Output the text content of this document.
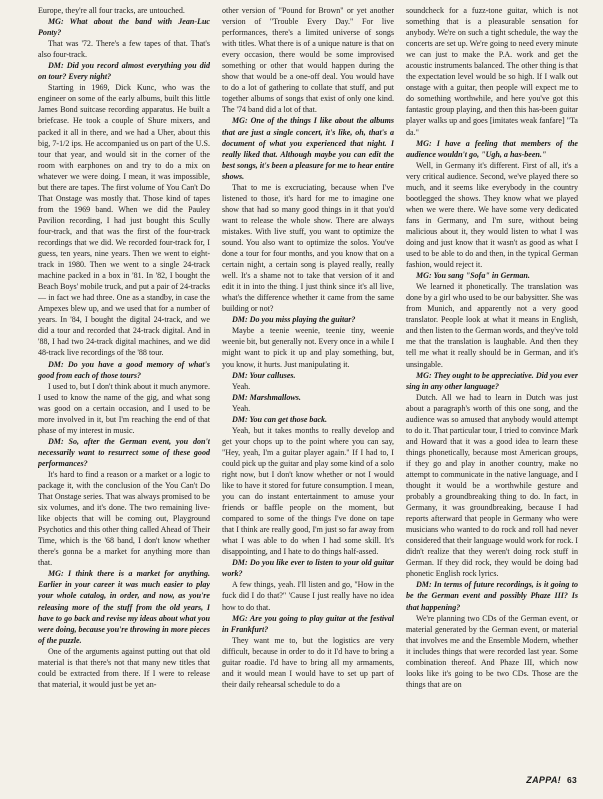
Europe, they're all four tracks, are untouched.

MG: What about the band with Jean-Luc Ponty?

That was '72. There's a few tapes of that. That's also four-track.

DM: Did you record almost everything you did on tour? Every night?

Starting in 1969, Dick Kunc, who was the engineer on some of the early albums, built this little James Bond suitcase recording apparatus. He built a briefcase. He took a couple of Shure mixers, and packed it all in there, and we had a Uher, about this big, 7-1/2 ips. He accompanied us on part of the U.S. tour that year, and would sit in the corner of the room with earphones on and try to do a mix on whatever we were doing. I mean, it was impossible, but there are tapes. The first volume of You Can't Do That Onstage was mostly that. Those kind of tapes from the 1969 band. When we did the Pauley Pavilion recording, I had just bought this Scully four-track, and that was the first of the four-track recordings that we did. We recorded four-track for, I guess, ten years, nine years. Then we went to eight-track in 1980. Then we went to a single 24-track machine packed in a box in '81. In '82, I bought the Beach Boys' mobile truck, and put a pair of 24-tracks — in fact we had three. One as a standby, in case the Ampexes blew up, and we used that for a number of years. In '84, I bought the digital 24-track, and we did a tour and recorded that 24-track digital. And in '88, I had two 24-track digital machines, and we did 48-track live recordings of the '88 tour.

DM: Do you have a good memory of what's good from each of those tours?

I used to, but I don't think about it much anymore. I used to know the name of the gig, and what song was good on a certain occasion, and I used to be more involved in it, but I'm reaching the end of that phase of my interest in music.

DM: So, after the German event, you don't necessarily want to resurrect some of these good performances?

It's hard to find a reason or a market or a logic to package it, with the conclusion of the You Can't Do That Onstage series. That was always promised to be six volumes, and it's done. The two remaining live-like objects that will be coming out, Playground Psychotics and this other thing called Ahead of Their Time, which is the '68 band, I don't know whether there's gonna be a market for anything more than that.

MG: I think there is a market for anything. Earlier in your career it was much easier to play your whole catalog, in order, and now, as you're releasing more of the stuff from the old years, I have to go back and revise my ideas about what you were doing, because you're throwing in more pieces of the puzzle.

One of the arguments against putting out that old material is that there's not that many new titles that could be extracted from there. If I were to release that material, it would just be yet an-

other version of "Pound for Brown" or yet another version of "Trouble Every Day." For live performances, there's a limited universe of songs with titles. What there is of a unique nature is that on every occasion, there would be some improvised something or other that would happen during the show that would be a one-off deal. You would have to do a lot of gathering to collate that stuff, and put together albums of songs that exist of only one kind. The '74 band did a lot of that.

MG: One of the things I like about the albums that are just a single concert, it's like, oh, that's a document of what you experienced that night. I really liked that. Although maybe you can edit the best songs, it's been a pleasure for me to hear entire shows.

That to me is excruciating, because when I've listened to those, it's hard for me to imagine one show that had so many good things in it that you'd want to release the whole show. There are always mistakes. With live stuff, you want to optimize the sound. You also want to optimize the solos. You've done a tour for four months, and you know that on a certain night, a certain song is played really, really well. It's a shame not to take that version of it and edit it in into the thing. I just think since it's all live, what's the difference whether it came from the same building or not?

DM: Do you miss playing the guitar?

Maybe a teenie weenie, teenie tiny, weenie weenie bit, but generally not. Every once in a while I might want to pick it up and play something, but, you know, it hurts. Just manipulating it.

DM: Your calluses.

Yeah.

DM: Marshmallows.

Yeah.

DM: You can get those back.

Yeah, but it takes months to really develop and get your chops up to the point where you can say, "Hey, yeah, I'm a guitar player again." If I had to, I could pick up the guitar and play some kind of a solo right now, but I don't know whether or not I would like to have it stored for future consumption. I mean, you can do instant entertainment to amuse your friends or baffle people on the moment, but compared to some of the things I've done on tape that I think are really good, I'm just so far away from what I was able to do when I had some skill. It's disappointing, and I hate to do things half-assed.

DM: Do you like ever to listen to your old guitar work?

A few things, yeah. I'll listen and go, "How in the fuck did I do that?" 'Cause I just really have no idea how to do that.

MG: Are you going to play guitar at the festival in Frankfurt?

They want me to, but the logistics are very difficult, because in order to do it I'd have to bring a guitar roadie. I'd have to bring all my armaments, and it would mean I would have to set up part of their daily rehearsal schedule to do a

soundcheck for a fuzz-tone guitar, which is not something that is a pleasurable sensation for anybody. We're on such a tight schedule, the way the concerts are set up. We're going to need every minute we can just to make the P.A. work and get the acoustic instruments balanced. The other thing is that the expectation level would be so high. If I walk out onstage with a guitar, then people will expect me to do something worthwhile, and here you've got this fantastic group playing, and then this has-been guitar player walks up and goes [imitates weak fanfare] "Ta da."

MG: I have a feeling that members of the audience wouldn't go, "Ugh, a has-been."

Well, in Germany it's different. First of all, it's a very critical audience. Second, we've played there so much, and it seems like everybody in the country bootlegged the shows. They know what we played when we were there. We have some very dedicated fans in Germany, and I'm sure, without being malicious about it, they would listen to what I was doing and just know that it wasn't as good as what I used to be able to do and then, in the typical German fashion, would reject it.

MG: You sang "Sofa" in German.

We learned it phonetically. The translation was done by a girl who used to be our babysitter. She was from Munich, and apparently not a very good translator. People look at what it means in English, and then listen to the German words, and they've told me that the translation is laughable. And then they tell me what it really should be in German, and it's unsingable.

MG: They ought to be appreciative. Did you ever sing in any other language?

Dutch. All we had to learn in Dutch was just about a paragraph's worth of this one song, and the audience was so amused that anybody would attempt to do it. That particular tour, I tried to convince Mark and Howard that it was a good idea to learn these things phonetically, because most American groups, if they go and play in another country, make no attempt to communicate in the native language, and I thought it would be a worthwhile gesture and probably a groundbreaking thing to do. In fact, in Germany, it was groundbreaking, because I had reports afterward that people in Germany who were musicians who wanted to do rock and roll had never considered that their language would work for rock. I didn't realize that they weren't doing rock stuff in German. If they did rock, they would be doing bad phonetic English rock lyrics.

DM: In terms of future recordings, is it going to be the German event and possibly Phaze III? Is that happening?

We're planning two CDs of the German event, or material generated by the German event, or material that involves me and the Ensemble Modern, whether it includes things that were recorded last year. Some combination thereof. And Phaze III, which now looks like it's going to be two CDs. Those are the things that are on

ZAPPA! 63
